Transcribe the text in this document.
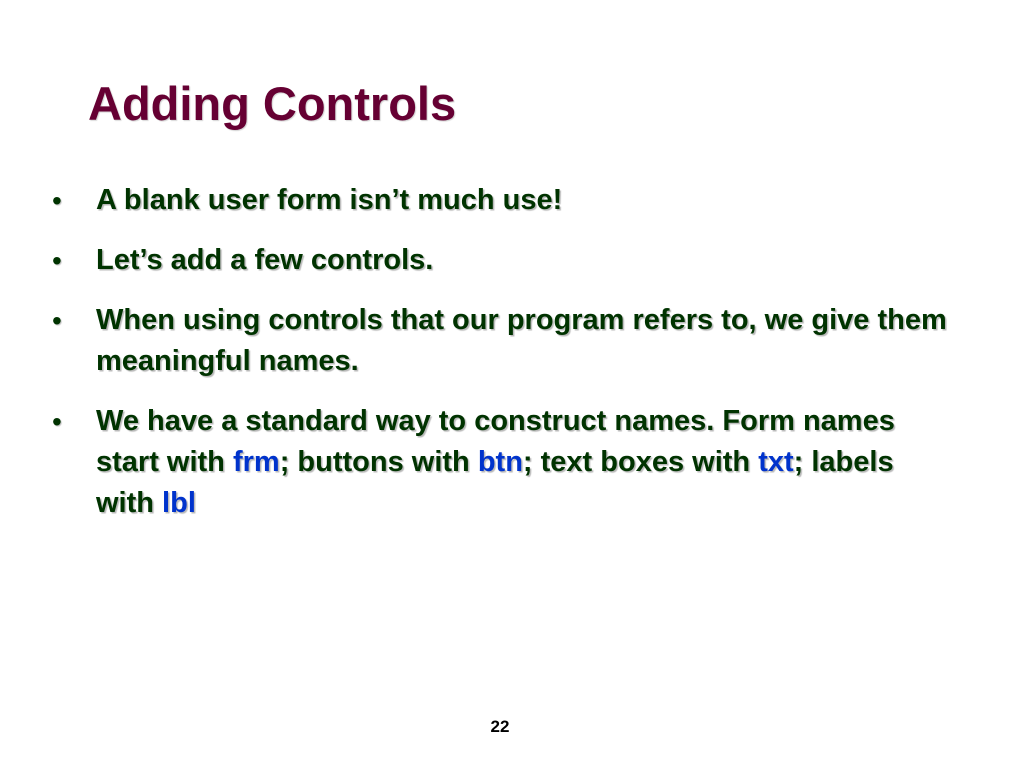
Adding Controls
•	A blank user form isn’t much use!
•	Let’s add a few controls.
•	When using controls that our program refers to, we give them meaningful names.
•	We have a standard way to construct names. Form names start with frm; buttons with btn; text boxes with txt; labels with lbl
22
